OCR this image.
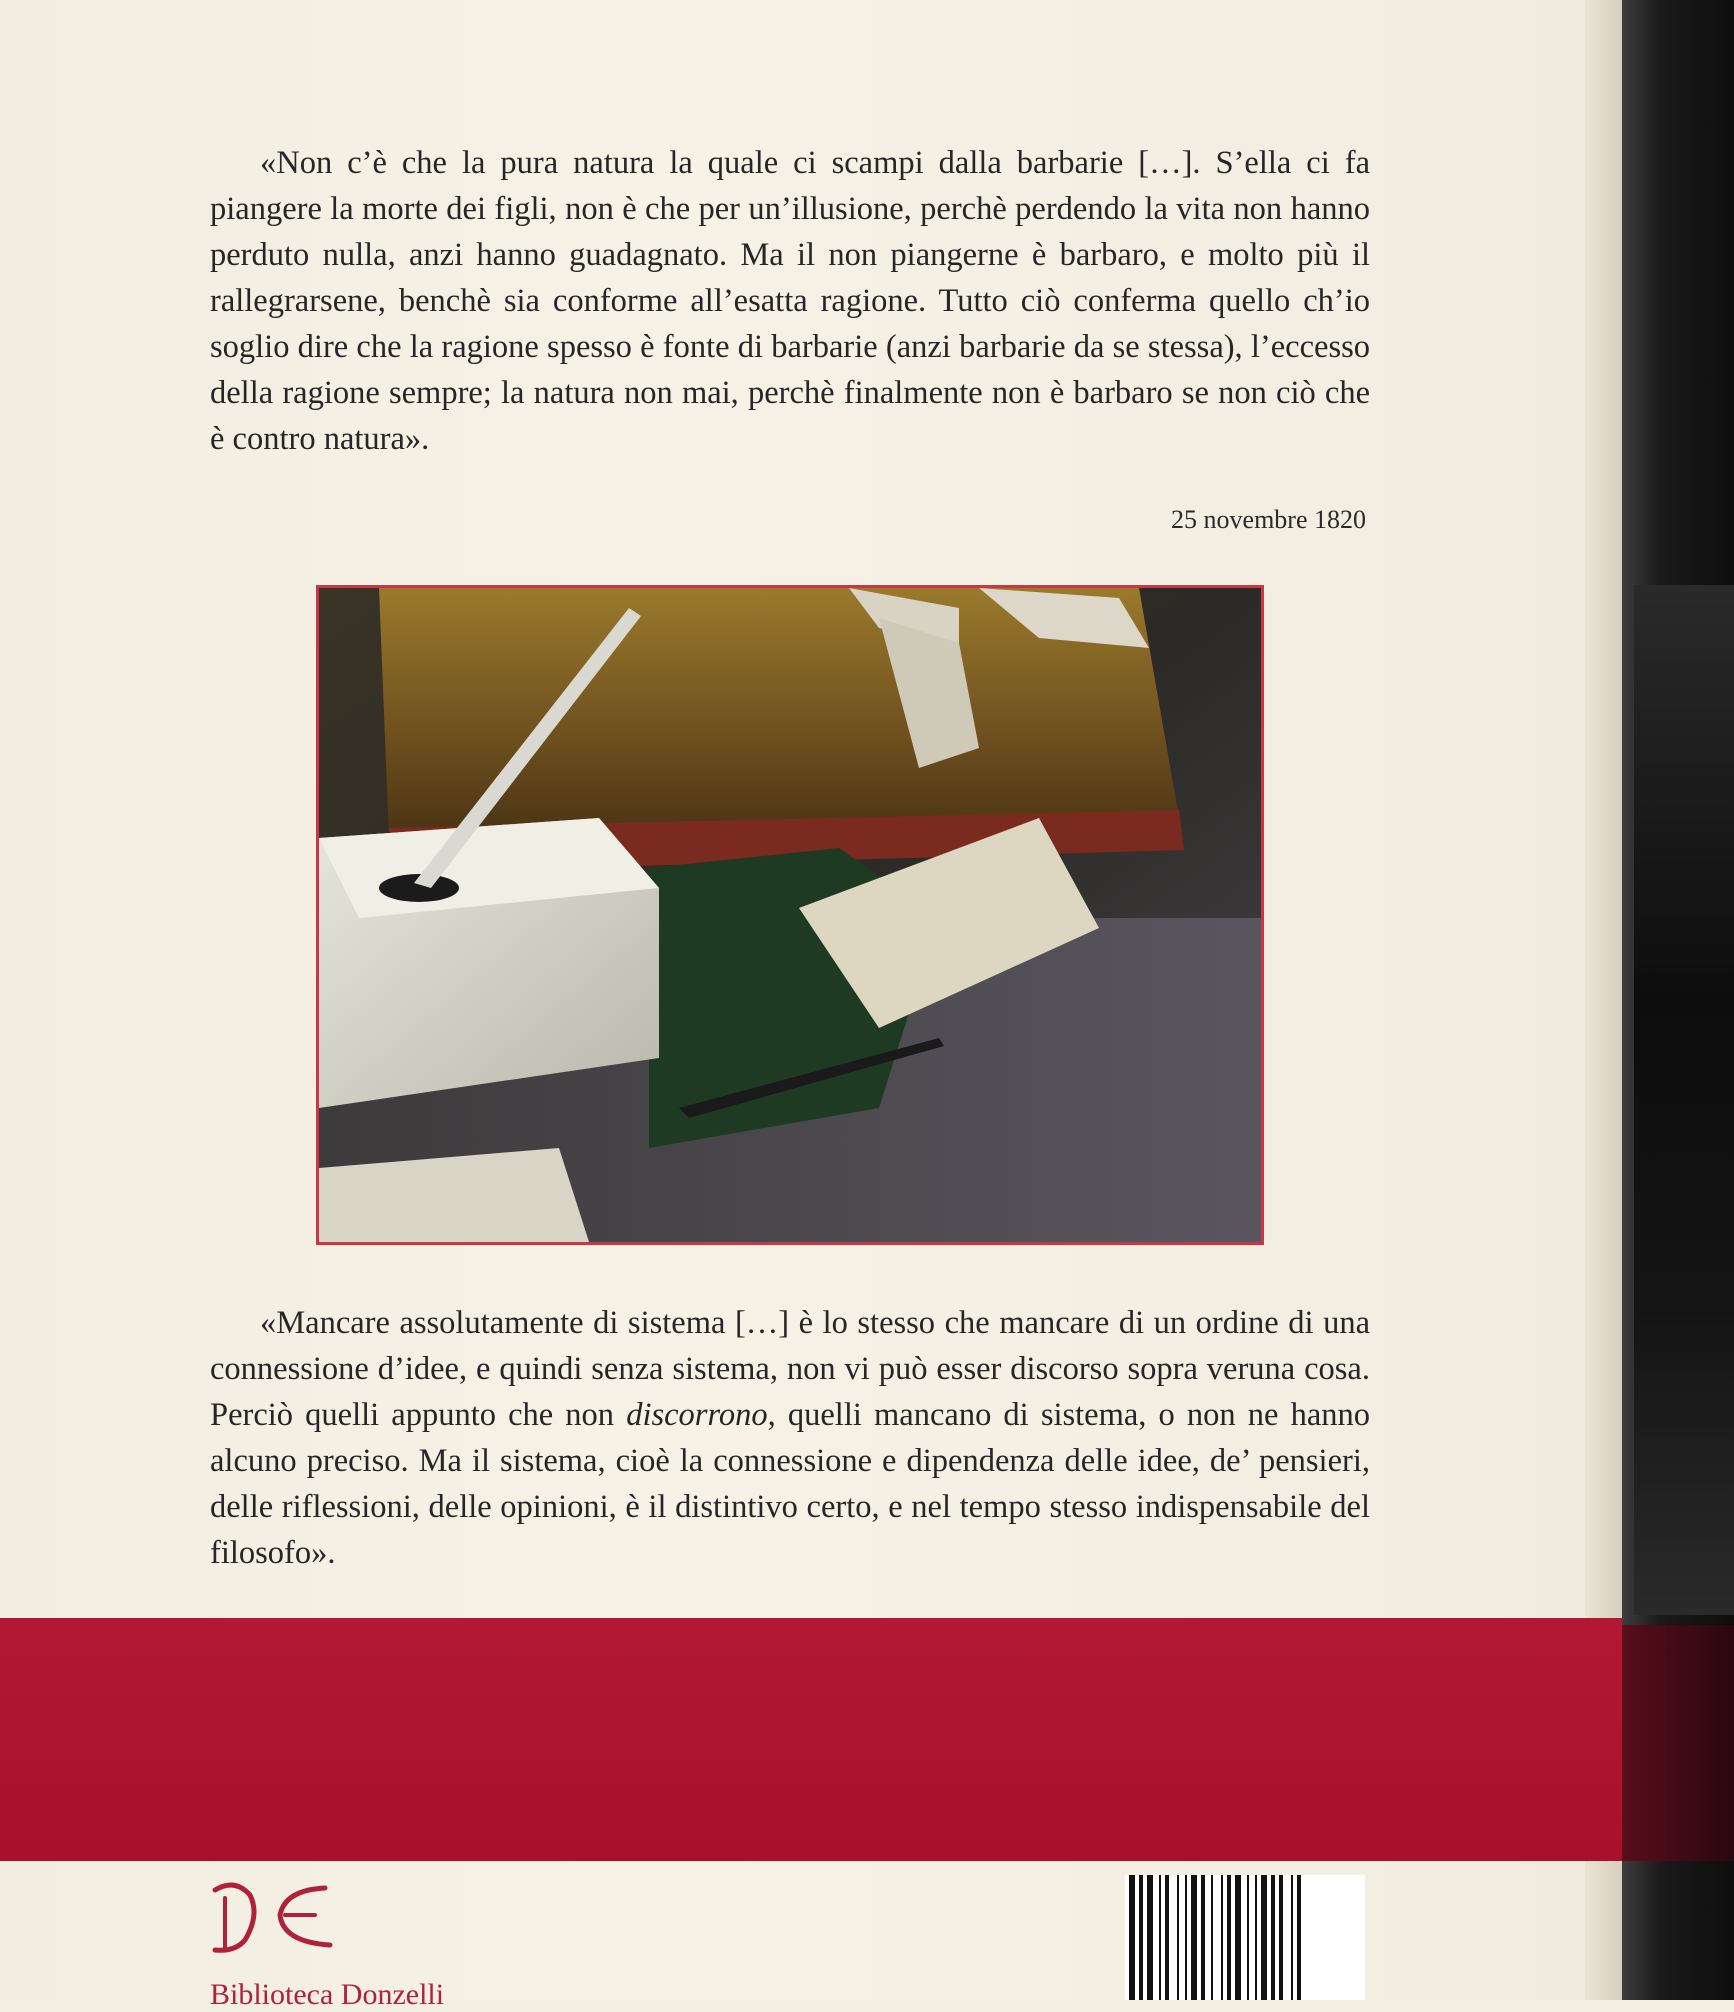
«Non c’è che la pura natura la quale ci scampi dalla barbarie […]. S’ella ci fa piangere la morte dei figli, non è che per un’illusione, perchè perdendo la vita non hanno perduto nulla, anzi hanno guadagnato. Ma il non piangerne è barbaro, e molto più il rallegrarsene, benchè sia conforme all’esatta ragione. Tutto ciò conferma quello ch’io soglio dire che la ragione spesso è fonte di barbarie (anzi barbarie da se stessa), l’eccesso della ragione sempre; la natura non mai, perchè finalmente non è barbaro se non ciò che è contro natura».

25 novembre 1820

«Mancare assolutamente di sistema […] è lo stesso che mancare di un ordine di una connessione d’idee, e quindi senza sistema, non vi può esser discorso sopra veruna cosa. Perciò quelli appunto che non discorrono, quelli mancano di sistema, o non ne hanno alcuno preciso. Ma il sistema, cioè la connessione e dipendenza delle idee, de’ pensieri, delle riflessioni, delle opinioni, è il distintivo certo, e nel tempo stesso indispensabile del filosofo».

Biblioteca Donzelli
